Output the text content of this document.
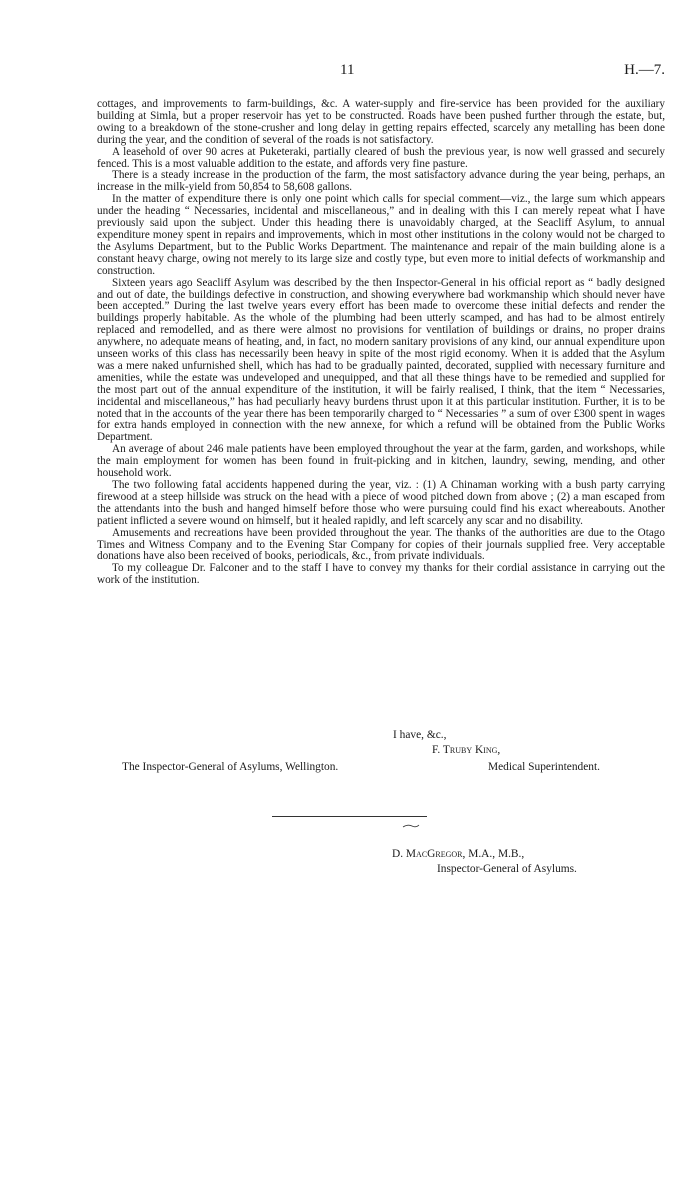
11	H.—7.

cottages, and improvements to farm-buildings, &c. A water-supply and fire-service has been provided for the auxiliary building at Simla, but a proper reservoir has yet to be constructed. Roads have been pushed further through the estate, but, owing to a breakdown of the stone-crusher and long delay in getting repairs effected, scarcely any metalling has been done during the year, and the condition of several of the roads is not satisfactory.

A leasehold of over 90 acres at Puketeraki, partially cleared of bush the previous year, is now well grassed and securely fenced. This is a most valuable addition to the estate, and affords very fine pasture.

There is a steady increase in the production of the farm, the most satisfactory advance during the year being, perhaps, an increase in the milk-yield from 50,854 to 58,608 gallons.

In the matter of expenditure there is only one point which calls for special comment—viz., the large sum which appears under the heading “ Necessaries, incidental and miscellaneous,” and in dealing with this I can merely repeat what I have previously said upon the subject. Under this heading there is unavoidably charged, at the Seacliff Asylum, to annual expenditure money spent in repairs and improvements, which in most other institutions in the colony would not be charged to the Asylums Department, but to the Public Works Department. The maintenance and repair of the main building alone is a constant heavy charge, owing not merely to its large size and costly type, but even more to initial defects of workmanship and construction.

Sixteen years ago Seacliff Asylum was described by the then Inspector-General in his official report as “ badly designed and out of date, the buildings defective in construction, and showing everywhere bad workmanship which should never have been accepted.” During the last twelve years every effort has been made to overcome these initial defects and render the buildings properly habitable. As the whole of the plumbing had been utterly scamped, and has had to be almost entirely replaced and remodelled, and as there were almost no provisions for ventilation of buildings or drains, no proper drains anywhere, no adequate means of heating, and, in fact, no modern sanitary provisions of any kind, our annual expenditure upon unseen works of this class has necessarily been heavy in spite of the most rigid economy. When it is added that the Asylum was a mere naked unfurnished shell, which has had to be gradually painted, decorated, supplied with necessary furniture and amenities, while the estate was undeveloped and unequipped, and that all these things have to be remedied and supplied for the most part out of the annual expenditure of the institution, it will be fairly realised, I think, that the item “ Necessaries, incidental and miscellaneous,” has had peculiarly heavy burdens thrust upon it at this particular institution. Further, it is to be noted that in the accounts of the year there has been temporarily charged to “ Necessaries ” a sum of over £300 spent in wages for extra hands employed in connection with the new annexe, for which a refund will be obtained from the Public Works Department.

An average of about 246 male patients have been employed throughout the year at the farm, garden, and workshops, while the main employment for women has been found in fruit-picking and in kitchen, laundry, sewing, mending, and other household work.

The two following fatal accidents happened during the year, viz. : (1) A Chinaman working with a bush party carrying firewood at a steep hillside was struck on the head with a piece of wood pitched down from above ; (2) a man escaped from the attendants into the bush and hanged himself before those who were pursuing could find his exact whereabouts. Another patient inflicted a severe wound on himself, but it healed rapidly, and left scarcely any scar and no disability.

Amusements and recreations have been provided throughout the year. The thanks of the authorities are due to the Otago Times and Witness Company and to the Evening Star Company for copies of their journals supplied free. Very acceptable donations have also been received of books, periodicals, &c., from private individuals.

To my colleague Dr. Falconer and to the staff I have to convey my thanks for their cordial assistance in carrying out the work of the institution.

I have, &c.,
F. Truby King,
The Inspector-General of Asylums, Wellington.	Medical Superintendent.
D. MacGregor, M.A., M.B.,
Inspector-General of Asylums.
